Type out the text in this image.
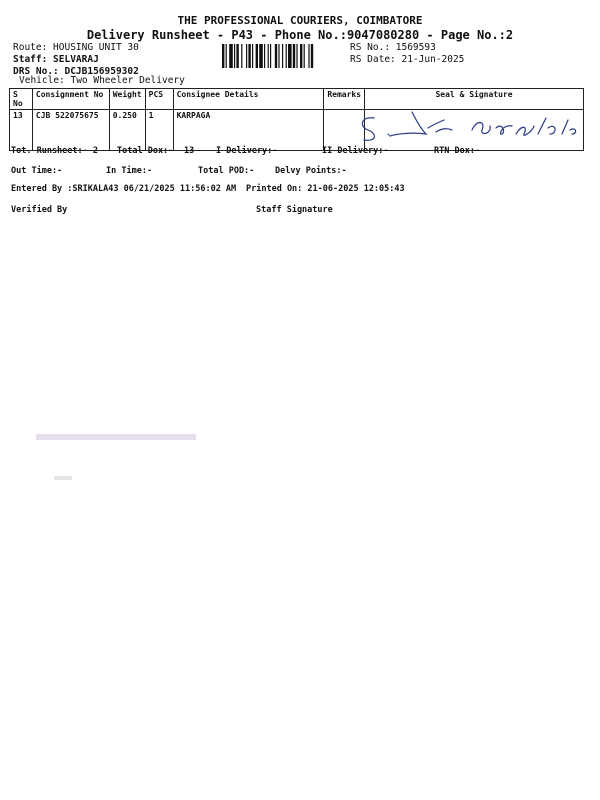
THE PROFESSIONAL COURIERS, COIMBATORE
Delivery Runsheet - P43 - Phone No.:9047080280 - Page No.:2
Route: HOUSING UNIT 30
Staff: SELVARAJ
DRS No.: DCJB156959302
Vehicle: Two Wheeler Delivery
RS No.: 1569593
RS Date: 21-Jun-2025
S No	Consignment No	Weight	PCS	Consignee Details	Remarks	Seal & Signature
13	CJB 522075675	0.250	1	KARPAGA		
Tot. Runsheet:- 2 Total Dox:- 13	I Delivery:-	II Delivery:-	RTN Dox:-
Out Time:-	In Time:-	Total POD:- Delvy Points:-
Entered By :SRIKALA43 06/21/2025 11:56:02 AM Printed On: 21-06-2025 12:05:43
Verified By	Staff Signature
